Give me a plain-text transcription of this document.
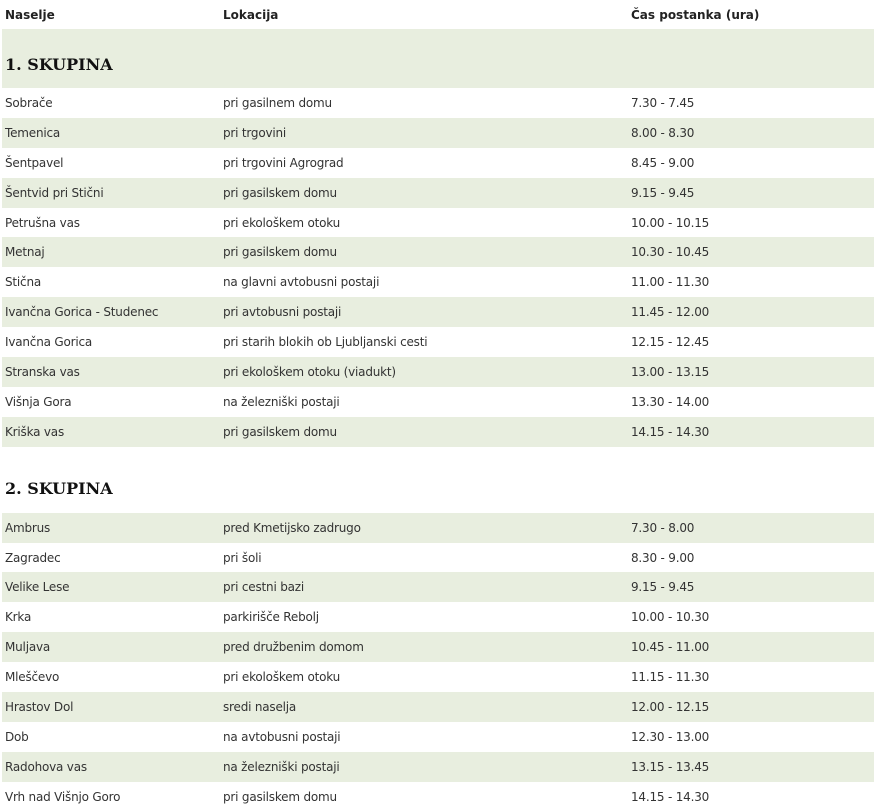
Naselje	Lokacija	Čas postanka (ura)
1. SKUPINA		
Sobrače	pri gasilnem domu	7.30 - 7.45
Temenica	pri trgovini	8.00 - 8.30
Šentpavel	pri trgovini Agrograd	8.45 - 9.00
Šentvid pri Stični	pri gasilskem domu	9.15 - 9.45
Petrušna vas	pri ekološkem otoku	10.00 - 10.15
Metnaj	pri gasilskem domu	10.30 - 10.45
Stična	na glavni avtobusni postaji	11.00 - 11.30
Ivančna Gorica - Studenec	pri avtobusni postaji	11.45 - 12.00
Ivančna Gorica	pri starih blokih ob Ljubljanski cesti	12.15 - 12.45
Stranska vas	pri ekološkem otoku (viadukt)	13.00 - 13.15
Višnja Gora	na železniški postaji	13.30 - 14.00
Kriška vas	pri gasilskem domu	14.15 - 14.30
2. SKUPINA		
Ambrus	pred Kmetijsko zadrugo	7.30 - 8.00
Zagradec	pri šoli	8.30 - 9.00
Velike Lese	pri cestni bazi	9.15 - 9.45
Krka	parkirišče Rebolj	10.00 - 10.30
Muljava	pred družbenim domom	10.45 - 11.00
Mleščevo	pri ekološkem otoku	11.15 - 11.30
Hrastov Dol	sredi naselja	12.00 - 12.15
Dob	na avtobusni postaji	12.30 - 13.00
Radohova vas	na železniški postaji	13.15 - 13.45
Vrh nad Višnjo Goro	pri gasilskem domu	14.15 - 14.30
